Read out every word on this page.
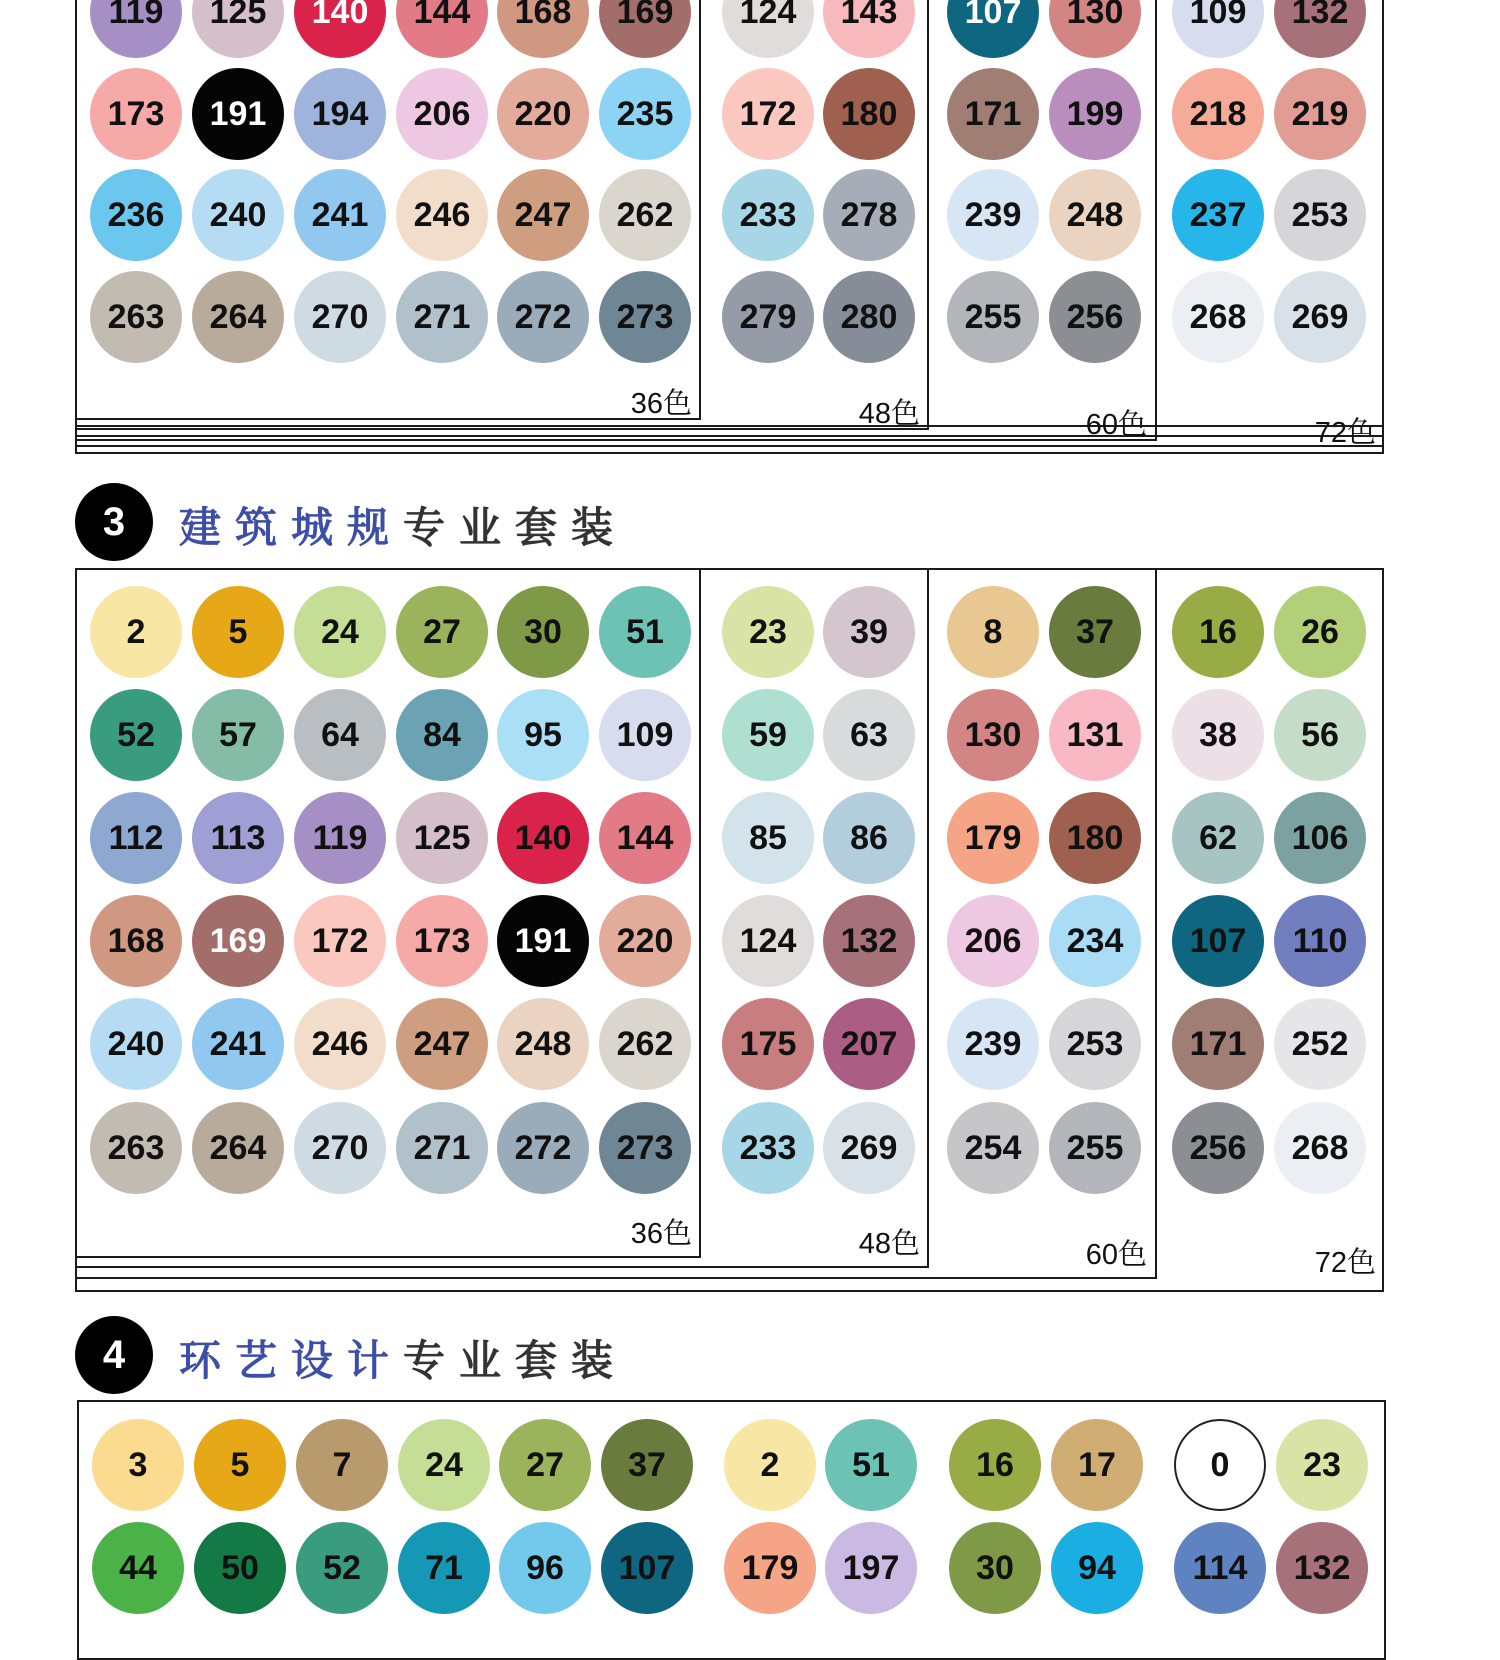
119	125	140	144	168	169
173	191	194	206	220	235
236	240	241	246	247	262
263	264	270	271	272	273
36色
124	143
172	180
233	278
279	280
48色
107	130
171	199
239	248
255	256
60色
109	132
218	219
237	253
268	269
72色
3	建筑城规专业套装
2	5	24	27	30	51
52	57	64	84	95	109
112	113	119	125	140	144
168	169	172	173	191	220
240	241	246	247	248	262
263	264	270	271	272	273
36色
23	39
59	63
85	86
124	132
175	207
233	269
48色
8	37
130	131
179	180
206	234
239	253
254	255
60色
16	26
38	56
62	106
107	110
171	252
256	268
72色
4	环艺设计专业套装
3	5	7	24	27	37
44	50	52	71	96	107
2	51
179	197
16	17
30	94
0	23
114	132
